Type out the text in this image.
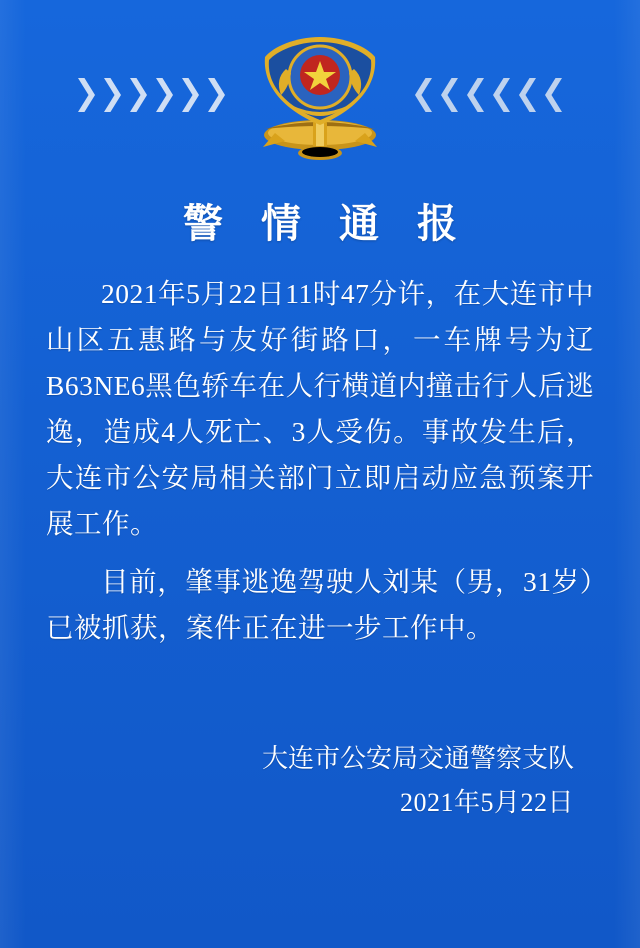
警 情 通 报

2021年5月22日11时47分许，在大连市中山区五惠路与友好街路口，一车牌号为辽B63NE6黑色轿车在人行横道内撞击行人后逃逸，造成4人死亡、3人受伤。事故发生后，大连市公安局相关部门立即启动应急预案开展工作。

目前，肇事逃逸驾驶人刘某（男，31岁）已被抓获，案件正在进一步工作中。

大连市公安局交通警察支队
2021年5月22日
